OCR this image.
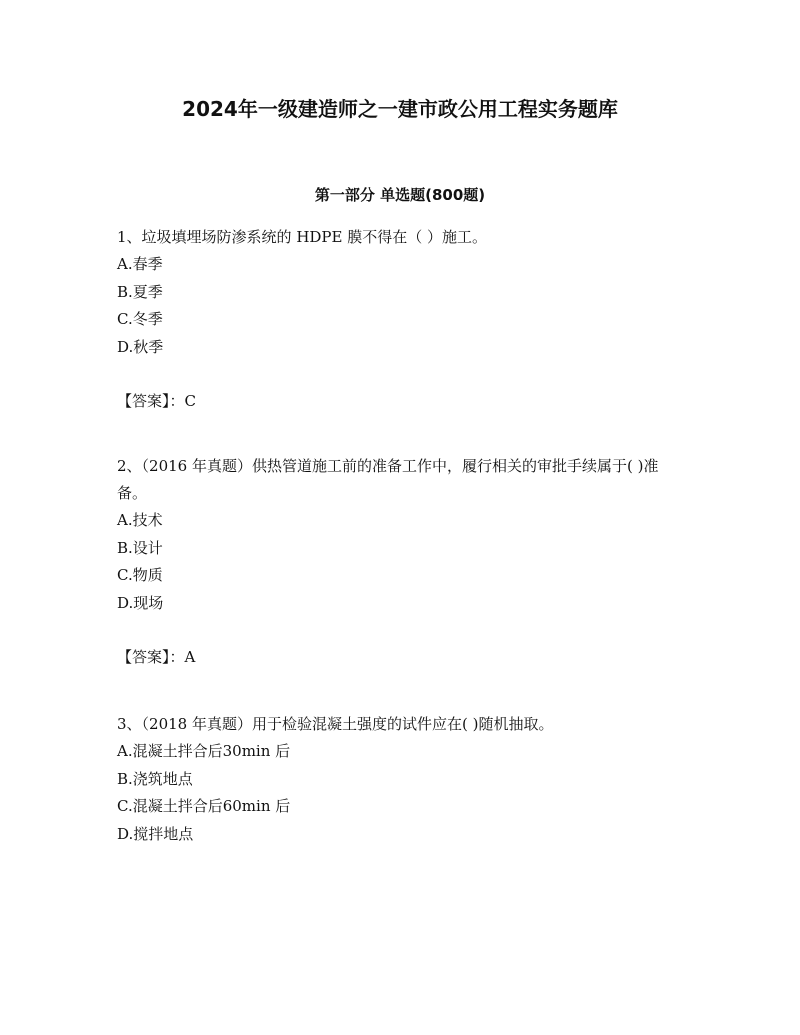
2024年一级建造师之一建市政公用工程实务题库
第一部分 单选题(800题)

1、垃圾填埋场防渗系统的 HDPE 膜不得在（ ）施工。

A.春季
B.夏季
C.冬季
D.秋季
【答案】：C

2、（2016 年真题）供热管道施工前的准备工作中，履行相关的审批手续属于( )准备。

A.技术
B.设计
C.物质
D.现场
【答案】：A

3、（2018 年真题）用于检验混凝土强度的试件应在( )随机抽取。

A.混凝土拌合后30min 后
B.浇筑地点
C.混凝土拌合后60min 后
D.搅拌地点
